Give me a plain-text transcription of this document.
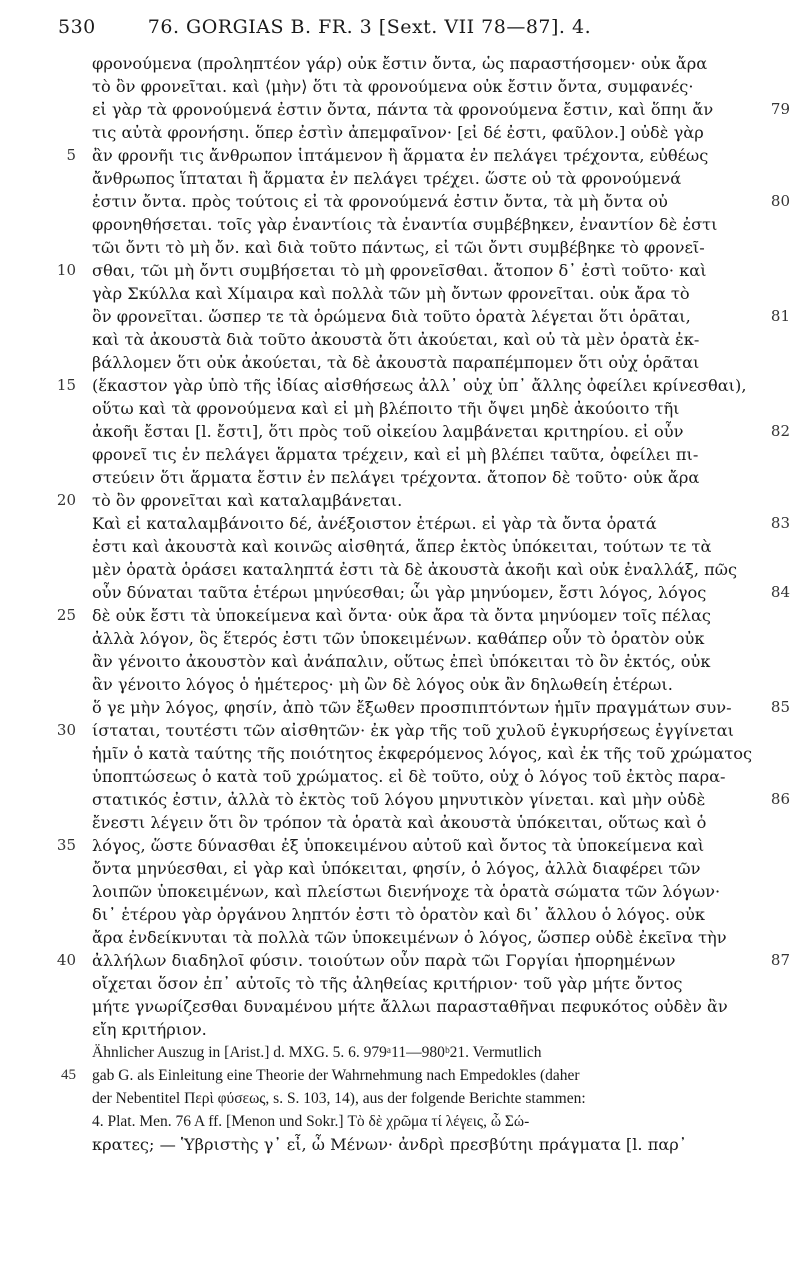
530	76. GORGIAS B. FR. 3 [Sext. VII 78—87]. 4.
φρονούμενα (προληπτέον γάρ) οὐκ ἔστιν ὄντα, ὡς παραστήσομεν· οὐκ ἄρα
τὸ ὂν φρονεῖται. καὶ ⟨μὴν⟩ ὅτι τὰ φρονούμενα οὐκ ἔστιν ὄντα, συμφανές·
εἰ γὰρ τὰ φρονούμενά ἐστιν ὄντα, πάντα τὰ φρονούμενα ἔστιν, καὶ ὅπηι ἄν	79
τις αὐτὰ φρονήσηι. ὅπερ ἐστὶν ἀπεμφαῖνον· [εἰ δέ ἐστι, φαῦλον.] οὐδὲ γὰρ
5 ἂν φρονῆι τις ἄνθρωπον ἱπτάμενον ἢ ἅρματα ἐν πελάγει τρέχοντα, εὐθέως
ἄνθρωπος ἵπταται ἢ ἅρματα ἐν πελάγει τρέχει. ὥστε οὐ τὰ φρονούμενά
ἐστιν ὄντα. πρὸς τούτοις εἰ τὰ φρονούμενά ἐστιν ὄντα, τὰ μὴ ὄντα οὐ	80
φρονηθήσεται. τοῖς γὰρ ἐναντίοις τὰ ἐναντία συμβέβηκεν, ἐναντίον δὲ ἐστι
τῶι ὄντι τὸ μὴ ὄν. καὶ διὰ τοῦτο πάντως, εἰ τῶι ὄντι συμβέβηκε τὸ φρονεῖ-
10 σθαι, τῶι μὴ ὄντι συμβήσεται τὸ μὴ φρονεῖσθαι. ἄτοπον δ᾽ ἐστὶ τοῦτο· καὶ
γὰρ Σκύλλα καὶ Χίμαιρα καὶ πολλὰ τῶν μὴ ὄντων φρονεῖται. οὐκ ἄρα τὸ
ὂν φρονεῖται. ὥσπερ τε τὰ ὁρώμενα διὰ τοῦτο ὁρατὰ λέγεται ὅτι ὁρᾶται,	81
καὶ τὰ ἀκουστὰ διὰ τοῦτο ἀκουστὰ ὅτι ἀκούεται, καὶ οὐ τὰ μὲν ὁρατὰ ἐκ-
βάλλομεν ὅτι οὐκ ἀκούεται, τὰ δὲ ἀκουστὰ παραπέμπομεν ὅτι οὐχ ὁρᾶται
15 (ἕκαστον γὰρ ὑπὸ τῆς ἰδίας αἰσθήσεως ἀλλ᾽ οὐχ ὑπ᾽ ἄλλης ὀφείλει κρίνεσθαι),
οὕτω καὶ τὰ φρονούμενα καὶ εἰ μὴ βλέποιτο τῆι ὄψει μηδὲ ἀκούοιτο τῆι
ἀκοῆι ἔσται [l. ἔστι], ὅτι πρὸς τοῦ οἰκείου λαμβάνεται κριτηρίου. εἰ οὖν	82
φρονεῖ τις ἐν πελάγει ἅρματα τρέχειν, καὶ εἰ μὴ βλέπει ταῦτα, ὀφείλει πι-
στεύειν ὅτι ἅρματα ἔστιν ἐν πελάγει τρέχοντα. ἄτοπον δὲ τοῦτο· οὐκ ἄρα
20 τὸ ὂν φρονεῖται καὶ καταλαμβάνεται.
Καὶ εἰ καταλαμβάνοιτο δέ, ἀνέξοιστον ἑτέρωι. εἰ γὰρ τὰ ὄντα ὁρατά	83
ἐστι καὶ ἀκουστὰ καὶ κοινῶς αἰσθητά, ἅπερ ἐκτὸς ὑπόκειται, τούτων τε τὰ
μὲν ὁρατὰ ὁράσει καταληπτά ἐστι τὰ δὲ ἀκουστὰ ἀκοῆι καὶ οὐκ ἐναλλάξ, πῶς
οὖν δύναται ταῦτα ἑτέρωι μηνύεσθαι; ὧι γὰρ μηνύομεν, ἔστι λόγος, λόγος	84
25 δὲ οὐκ ἔστι τὰ ὑποκείμενα καὶ ὄντα· οὐκ ἄρα τὰ ὄντα μηνύομεν τοῖς πέλας
ἀλλὰ λόγον, ὃς ἕτερός ἐστι τῶν ὑποκειμένων. καθάπερ οὖν τὸ ὁρατὸν οὐκ
ἂν γένοιτο ἀκουστὸν καὶ ἀνάπαλιν, οὕτως ἐπεὶ ὑπόκειται τὸ ὂν ἐκτός, οὐκ
ἂν γένοιτο λόγος ὁ ἡμέτερος· μὴ ὢν δὲ λόγος οὐκ ἂν δηλωθείη ἑτέρωι.
ὅ γε μὴν λόγος, φησίν, ἀπὸ τῶν ἔξωθεν προσπιπτόντων ἡμῖν πραγμάτων συν-	85
30 ίσταται, τουτέστι τῶν αἰσθητῶν· ἐκ γὰρ τῆς τοῦ χυλοῦ ἐγκυρήσεως ἐγγίνεται
ἡμῖν ὁ κατὰ ταύτης τῆς ποιότητος ἐκφερόμενος λόγος, καὶ ἐκ τῆς τοῦ χρώματος
ὑποπτώσεως ὁ κατὰ τοῦ χρώματος. εἰ δὲ τοῦτο, οὐχ ὁ λόγος τοῦ ἐκτὸς παρα-
στατικός ἐστιν, ἀλλὰ τὸ ἐκτὸς τοῦ λόγου μηνυτικὸν γίνεται. καὶ μὴν οὐδὲ	86
ἔνεστι λέγειν ὅτι ὃν τρόπον τὰ ὁρατὰ καὶ ἀκουστὰ ὑπόκειται, οὕτως καὶ ὁ
35 λόγος, ὥστε δύνασθαι ἐξ ὑποκειμένου αὐτοῦ καὶ ὄντος τὰ ὑποκείμενα καὶ
ὄντα μηνύεσθαι, εἰ γὰρ καὶ ὑπόκειται, φησίν, ὁ λόγος, ἀλλὰ διαφέρει τῶν
λοιπῶν ὑποκειμένων, καὶ πλείστωι διενήνοχε τὰ ὁρατὰ σώματα τῶν λόγων·
δι᾽ ἑτέρου γὰρ ὀργάνου ληπτόν ἐστι τὸ ὁρατὸν καὶ δι᾽ ἄλλου ὁ λόγος. οὐκ
ἄρα ἐνδείκνυται τὰ πολλὰ τῶν ὑποκειμένων ὁ λόγος, ὥσπερ οὐδὲ ἐκεῖνα τὴν
40 ἀλλήλων διαδηλοῖ φύσιν. τοιούτων οὖν παρὰ τῶι Γοργίαι ἠπορημένων	87
οἴχεται ὅσον ἐπ᾽ αὐτοῖς τὸ τῆς ἀληθείας κριτήριον· τοῦ γὰρ μήτε ὄντος
μήτε γνωρίζεσθαι δυναμένου μήτε ἄλλωι παρασταθῆναι πεφυκότος οὐδὲν ἂν
εἴη κριτήριον.
Ähnlicher Auszug in [Arist.] d. MXG. 5. 6. 979ᵃ11—980ᵇ21. Vermutlich
45 gab G. als Einleitung eine Theorie der Wahrnehmung nach Empedokles (daher
der Nebentitel Περὶ φύσεως, s. S. 103, 14), aus der folgende Berichte stammen:
4. Plat. Men. 76 A ff. [Menon und Sokr.] Τὸ δὲ χρῶμα τί λέγεις, ὦ Σώ-
κρατες; — Ὑβριστὴς γ᾽ εἶ, ὦ Μένων· ἀνδρὶ πρεσβύτηι πράγματα [l. παρ᾽
